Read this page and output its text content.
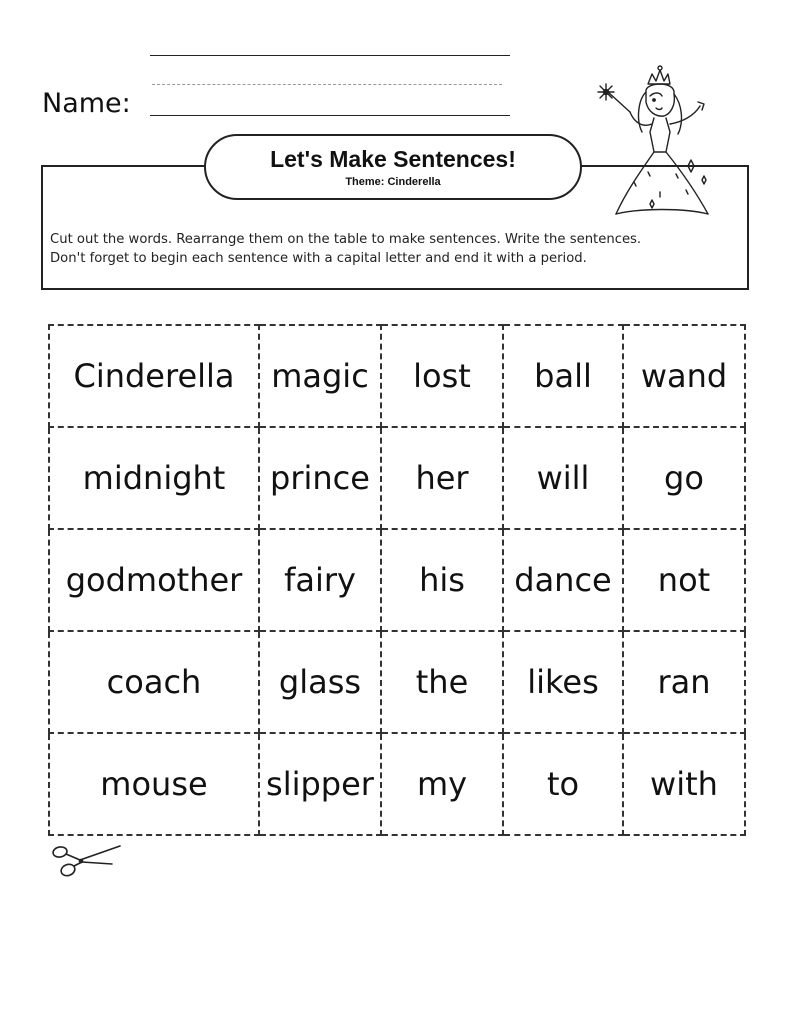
Name:
Let's Make Sentences!
Theme: Cinderella
Cut out the words. Rearrange them on the table to make sentences. Write the sentences.
Don't forget to begin each sentence with a capital letter and end it with a period.
Cinderella	magic	lost	ball	wand
midnight	prince	her	will	go
godmother	fairy	his	dance	not
coach	glass	the	likes	ran
mouse	slipper	my	to	with
